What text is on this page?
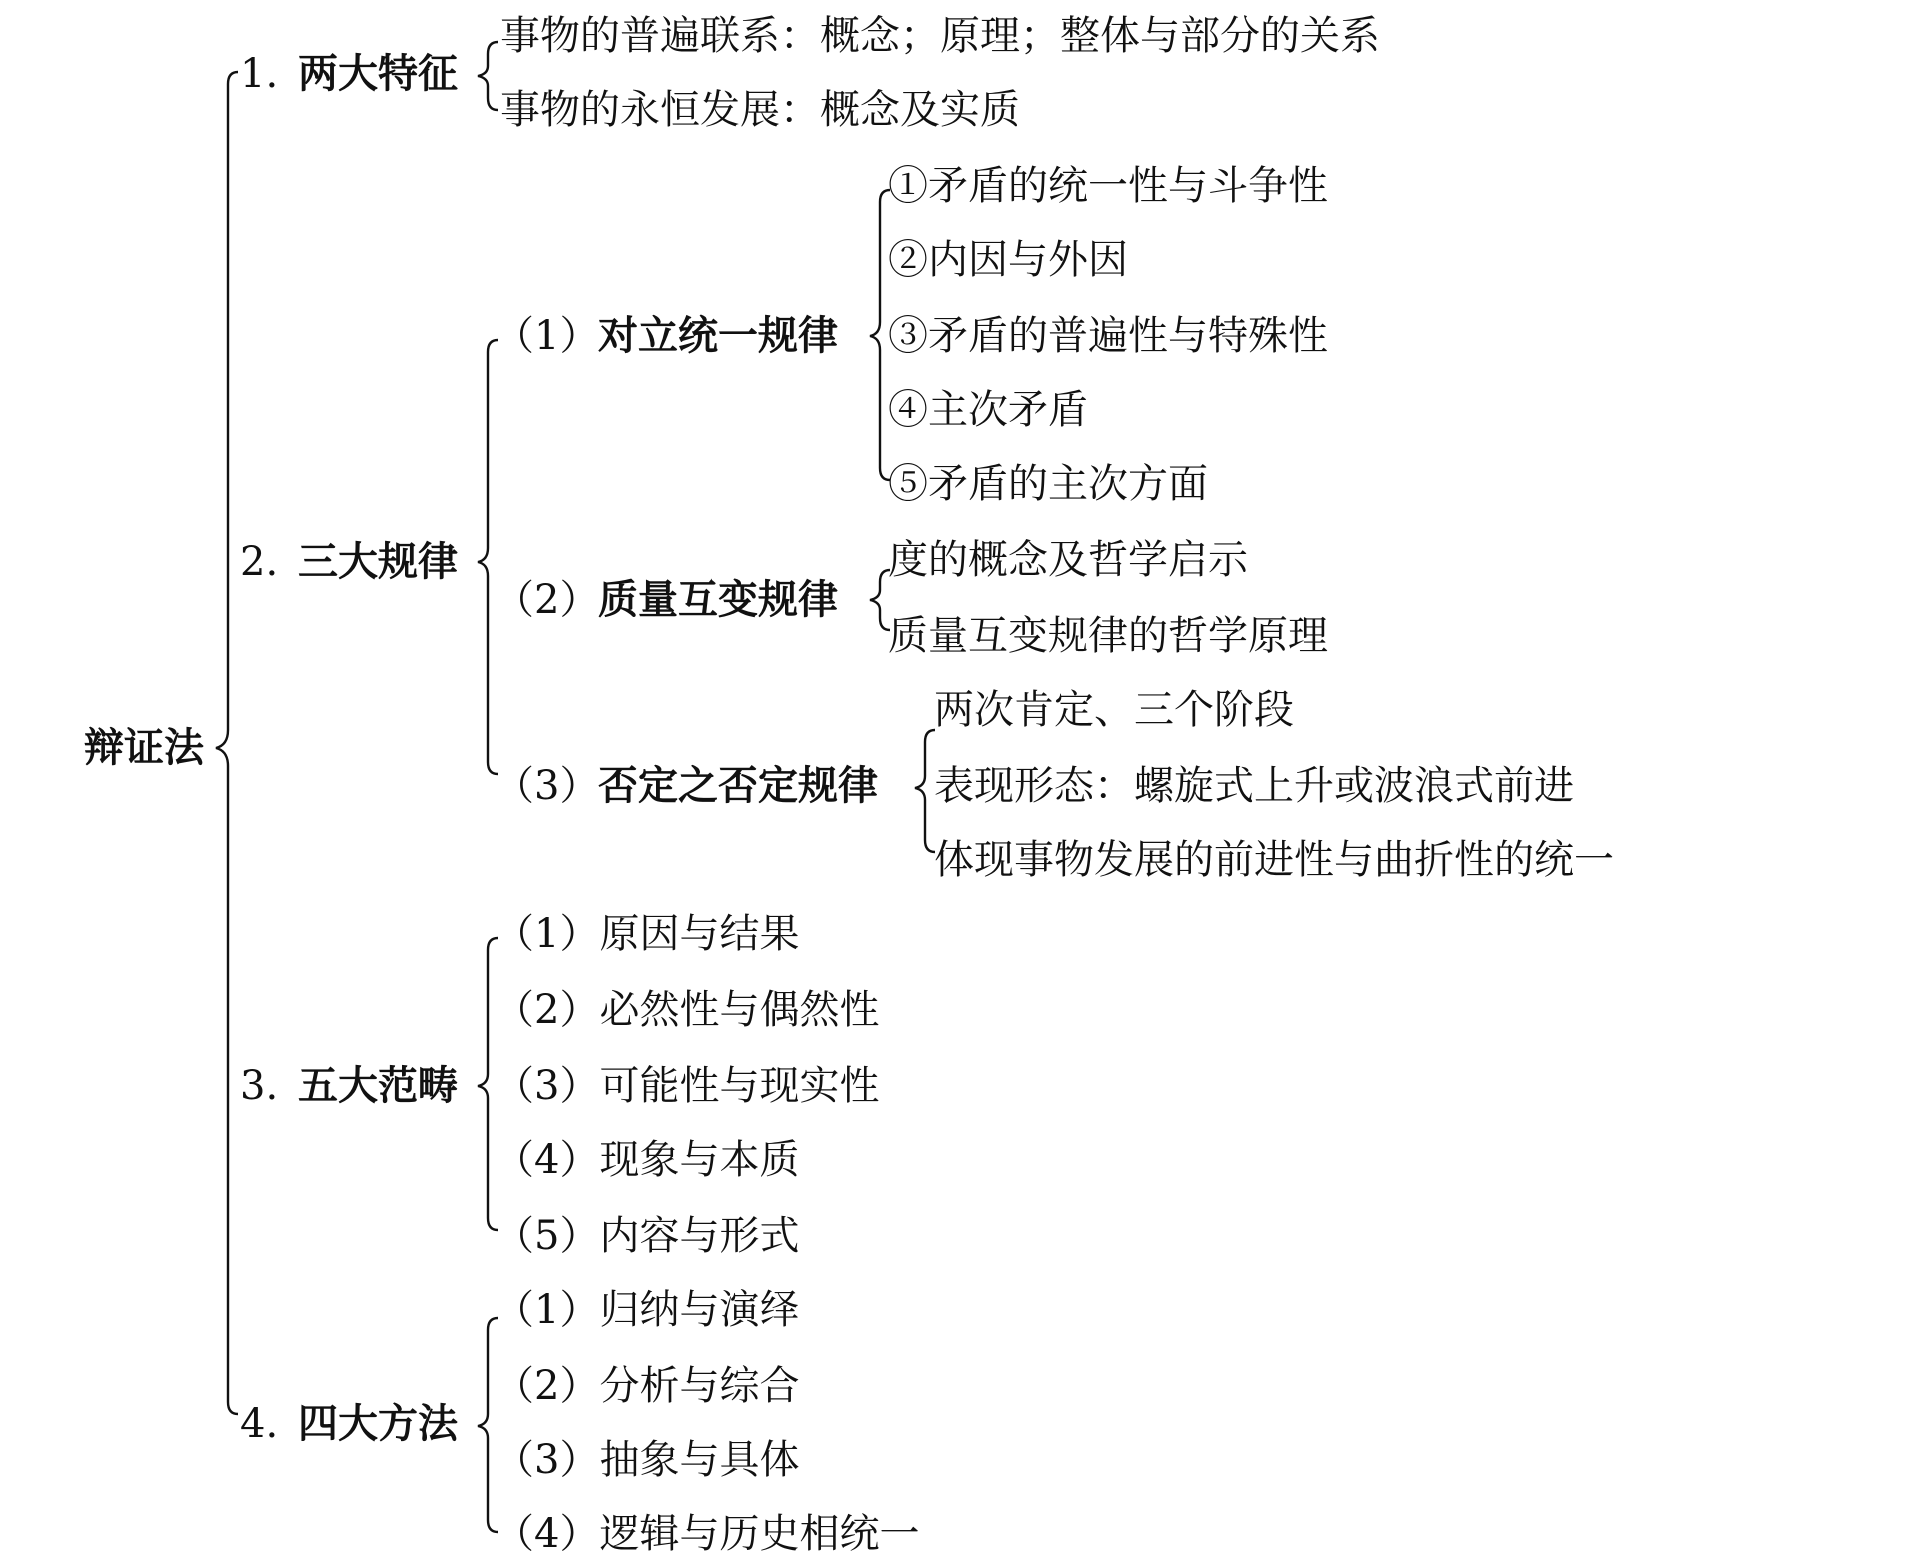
辩证法
1. 两大特征
事物的普遍联系：概念；原理；整体与部分的关系
事物的永恒发展：概念及实质
2. 三大规律
（1）
对立统一规律
①矛盾的统一性与斗争性
②内因与外因
③矛盾的普遍性与特殊性
④主次矛盾
⑤矛盾的主次方面
（2）
质量互变规律
度的概念及哲学启示
质量互变规律的哲学原理
（3）
否定之否定规律
两次肯定、三个阶段
表现形态：螺旋式上升或波浪式前进
体现事物发展的前进性与曲折性的统一
3. 五大范畴
（1）原因与结果
（2）必然性与偶然性
（3）可能性与现实性
（4）现象与本质
（5）内容与形式
4. 四大方法
（1）归纳与演绎
（2）分析与综合
（3）抽象与具体
（4）逻辑与历史相统一
